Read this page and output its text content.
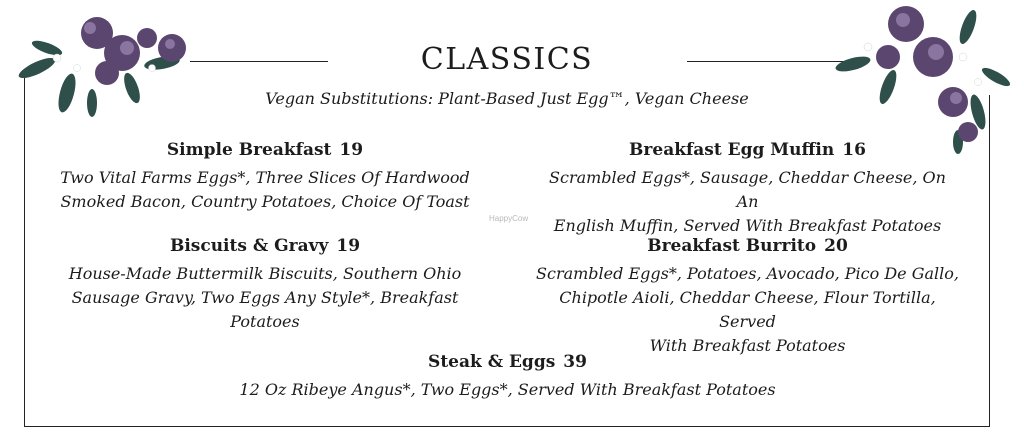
CLASSICS
Vegan Substitutions: Plant-Based Just Egg™, Vegan Cheese
Simple Breakfast 19
Two Vital Farms Eggs*, Three Slices Of Hardwood
Smoked Bacon, Country Potatoes, Choice Of Toast
Breakfast Egg Muffin 16
Scrambled Eggs*, Sausage, Cheddar Cheese, On An
English Muffin, Served With Breakfast Potatoes
Biscuits & Gravy 19
House-Made Buttermilk Biscuits, Southern Ohio
Sausage Gravy, Two Eggs Any Style*, Breakfast Potatoes
Breakfast Burrito 20
Scrambled Eggs*, Potatoes, Avocado, Pico De Gallo,
Chipotle Aioli, Cheddar Cheese, Flour Tortilla, Served
With Breakfast Potatoes
Steak & Eggs 39
12 Oz Ribeye Angus*, Two Eggs*, Served With Breakfast Potatoes
HappyCow
